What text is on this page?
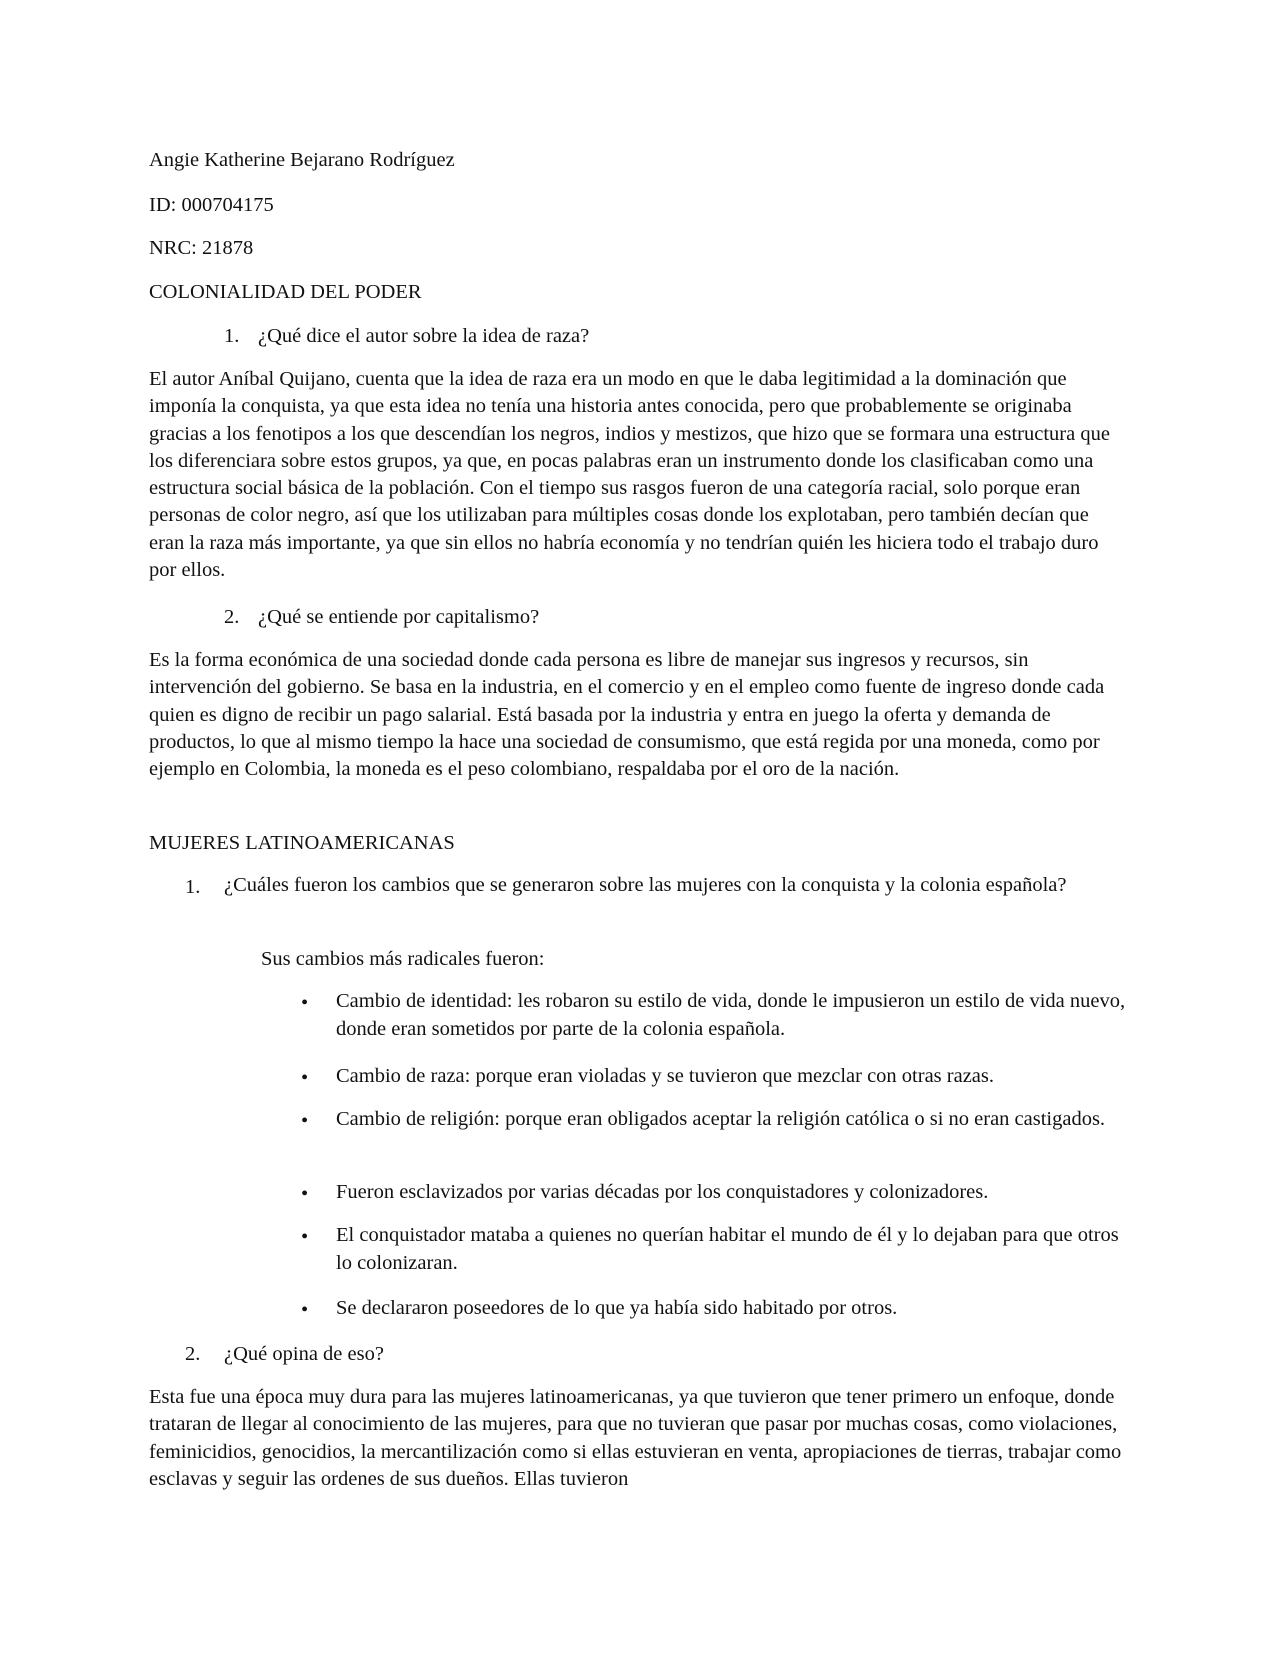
Angie Katherine Bejarano Rodríguez
ID: 000704175
NRC: 21878
COLONIALIDAD DEL PODER
1. ¿Qué dice el autor sobre la idea de raza?
El autor Aníbal Quijano, cuenta que la idea de raza era un modo en que le daba legitimidad a la dominación que imponía la conquista, ya que esta idea no tenía una historia antes conocida, pero que probablemente se originaba gracias a los fenotipos a los que descendían los negros, indios y mestizos, que hizo que se formara una estructura que los diferenciara sobre estos grupos, ya que, en pocas palabras eran un instrumento donde los clasificaban como una estructura social básica de la población. Con el tiempo sus rasgos fueron de una categoría racial, solo porque eran personas de color negro, así que los utilizaban para múltiples cosas donde los explotaban, pero también decían que eran la raza más importante, ya que sin ellos no habría economía y no tendrían quién les hiciera todo el trabajo duro por ellos.
2. ¿Qué se entiende por capitalismo?
Es la forma económica de una sociedad donde cada persona es libre de manejar sus ingresos y recursos, sin intervención del gobierno. Se basa en la industria, en el comercio y en el empleo como fuente de ingreso donde cada quien es digno de recibir un pago salarial. Está basada por la industria y entra en juego la oferta y demanda de productos, lo que al mismo tiempo la hace una sociedad de consumismo, que está regida por una moneda, como por ejemplo en Colombia, la moneda es el peso colombiano, respaldaba por el oro de la nación.
MUJERES LATINOAMERICANAS
1. ¿Cuáles fueron los cambios que se generaron sobre las mujeres con la conquista y la colonia española?
Sus cambios más radicales fueron:
• Cambio de identidad: les robaron su estilo de vida, donde le impusieron un estilo de vida nuevo, donde eran sometidos por parte de la colonia española.
• Cambio de raza: porque eran violadas y se tuvieron que mezclar con otras razas.
• Cambio de religión: porque eran obligados aceptar la religión católica o si no eran castigados.
• Fueron esclavizados por varias décadas por los conquistadores y colonizadores.
• El conquistador mataba a quienes no querían habitar el mundo de él y lo dejaban para que otros lo colonizaran.
• Se declararon poseedores de lo que ya había sido habitado por otros.
2. ¿Qué opina de eso?
Esta fue una época muy dura para las mujeres latinoamericanas, ya que tuvieron que tener primero un enfoque, donde trataran de llegar al conocimiento de las mujeres, para que no tuvieran que pasar por muchas cosas, como violaciones, feminicidios, genocidios, la mercantilización como si ellas estuvieran en venta, apropiaciones de tierras, trabajar como esclavas y seguir las ordenes de sus dueños. Ellas tuvieron
